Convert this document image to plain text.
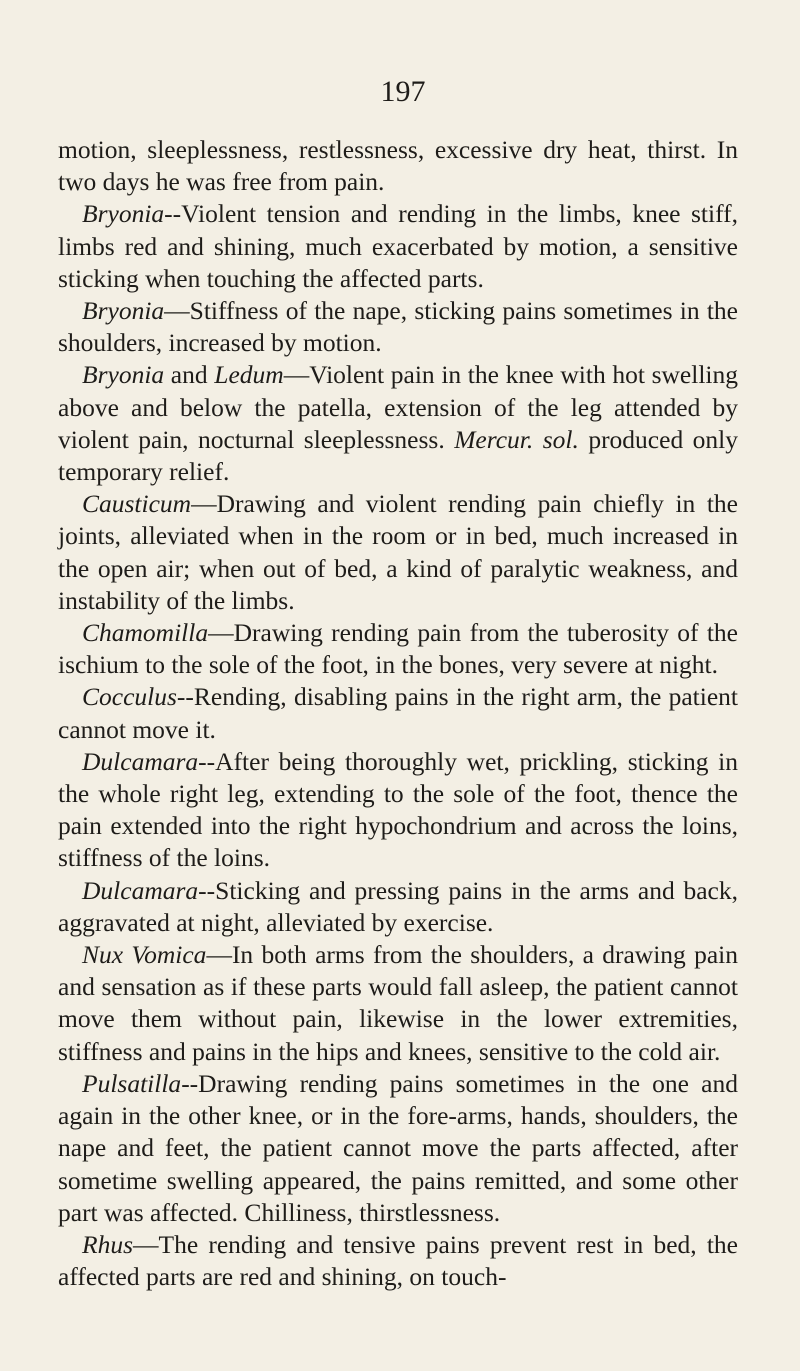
197

motion, sleeplessness, restlessness, excessive dry heat, thirst. In two days he was free from pain.

Bryonia--Violent tension and rending in the limbs, knee stiff, limbs red and shining, much exacerbated by motion, a sensitive sticking when touching the affected parts.

Bryonia—Stiffness of the nape, sticking pains sometimes in the shoulders, increased by motion.

Bryonia and Ledum—Violent pain in the knee with hot swelling above and below the patella, extension of the leg attended by violent pain, nocturnal sleeplessness. Mercur. sol. produced only temporary relief.

Causticum—Drawing and violent rending pain chiefly in the joints, alleviated when in the room or in bed, much increased in the open air; when out of bed, a kind of paralytic weakness, and instability of the limbs.

Chamomilla—Drawing rending pain from the tuberosity of the ischium to the sole of the foot, in the bones, very severe at night.

Cocculus--Rending, disabling pains in the right arm, the patient cannot move it.

Dulcamara--After being thoroughly wet, prickling, sticking in the whole right leg, extending to the sole of the foot, thence the pain extended into the right hypochondrium and across the loins, stiffness of the loins.

Dulcamara--Sticking and pressing pains in the arms and back, aggravated at night, alleviated by exercise.

Nux Vomica—In both arms from the shoulders, a drawing pain and sensation as if these parts would fall asleep, the patient cannot move them without pain, likewise in the lower extremities, stiffness and pains in the hips and knees, sensitive to the cold air.

Pulsatilla--Drawing rending pains sometimes in the one and again in the other knee, or in the fore-arms, hands, shoulders, the nape and feet, the patient cannot move the parts affected, after sometime swelling appeared, the pains remitted, and some other part was affected. Chilliness, thirstlessness.

Rhus—The rending and tensive pains prevent rest in bed, the affected parts are red and shining, on touch-
